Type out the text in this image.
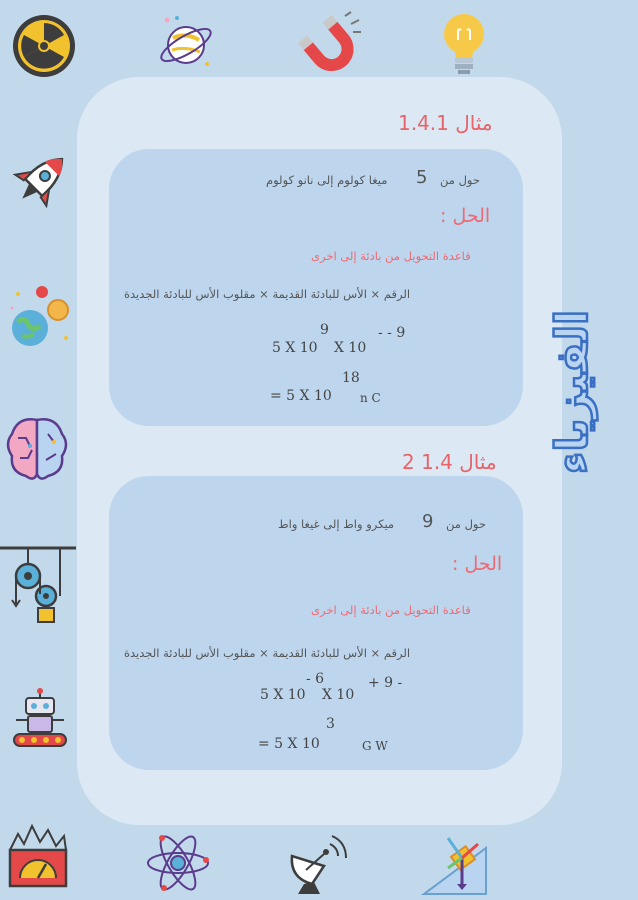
مثال 1.4.1
حول من
5
ميغا كولوم إلى نانو كولوم
الحل :
قاعدة التحويل من بادئة إلى اخرى
الرقم × الأس للبادئة القديمة × مقلوب الأس للبادئة الجديدة
5 X 10
9
X 10
- - 9
= 5 X 10
18
n C
مثال 1.4 2
حول من
9
ميكرو واط إلى غيغا واط
الحل :
قاعدة التحويل من بادئة إلى اخرى
الرقم × الأس للبادئة القديمة × مقلوب الأس للبادئة الجديدة
5 X 10
- 6
X 10
+ 9 -
= 5 X 10
3
G W
الفيزياء
